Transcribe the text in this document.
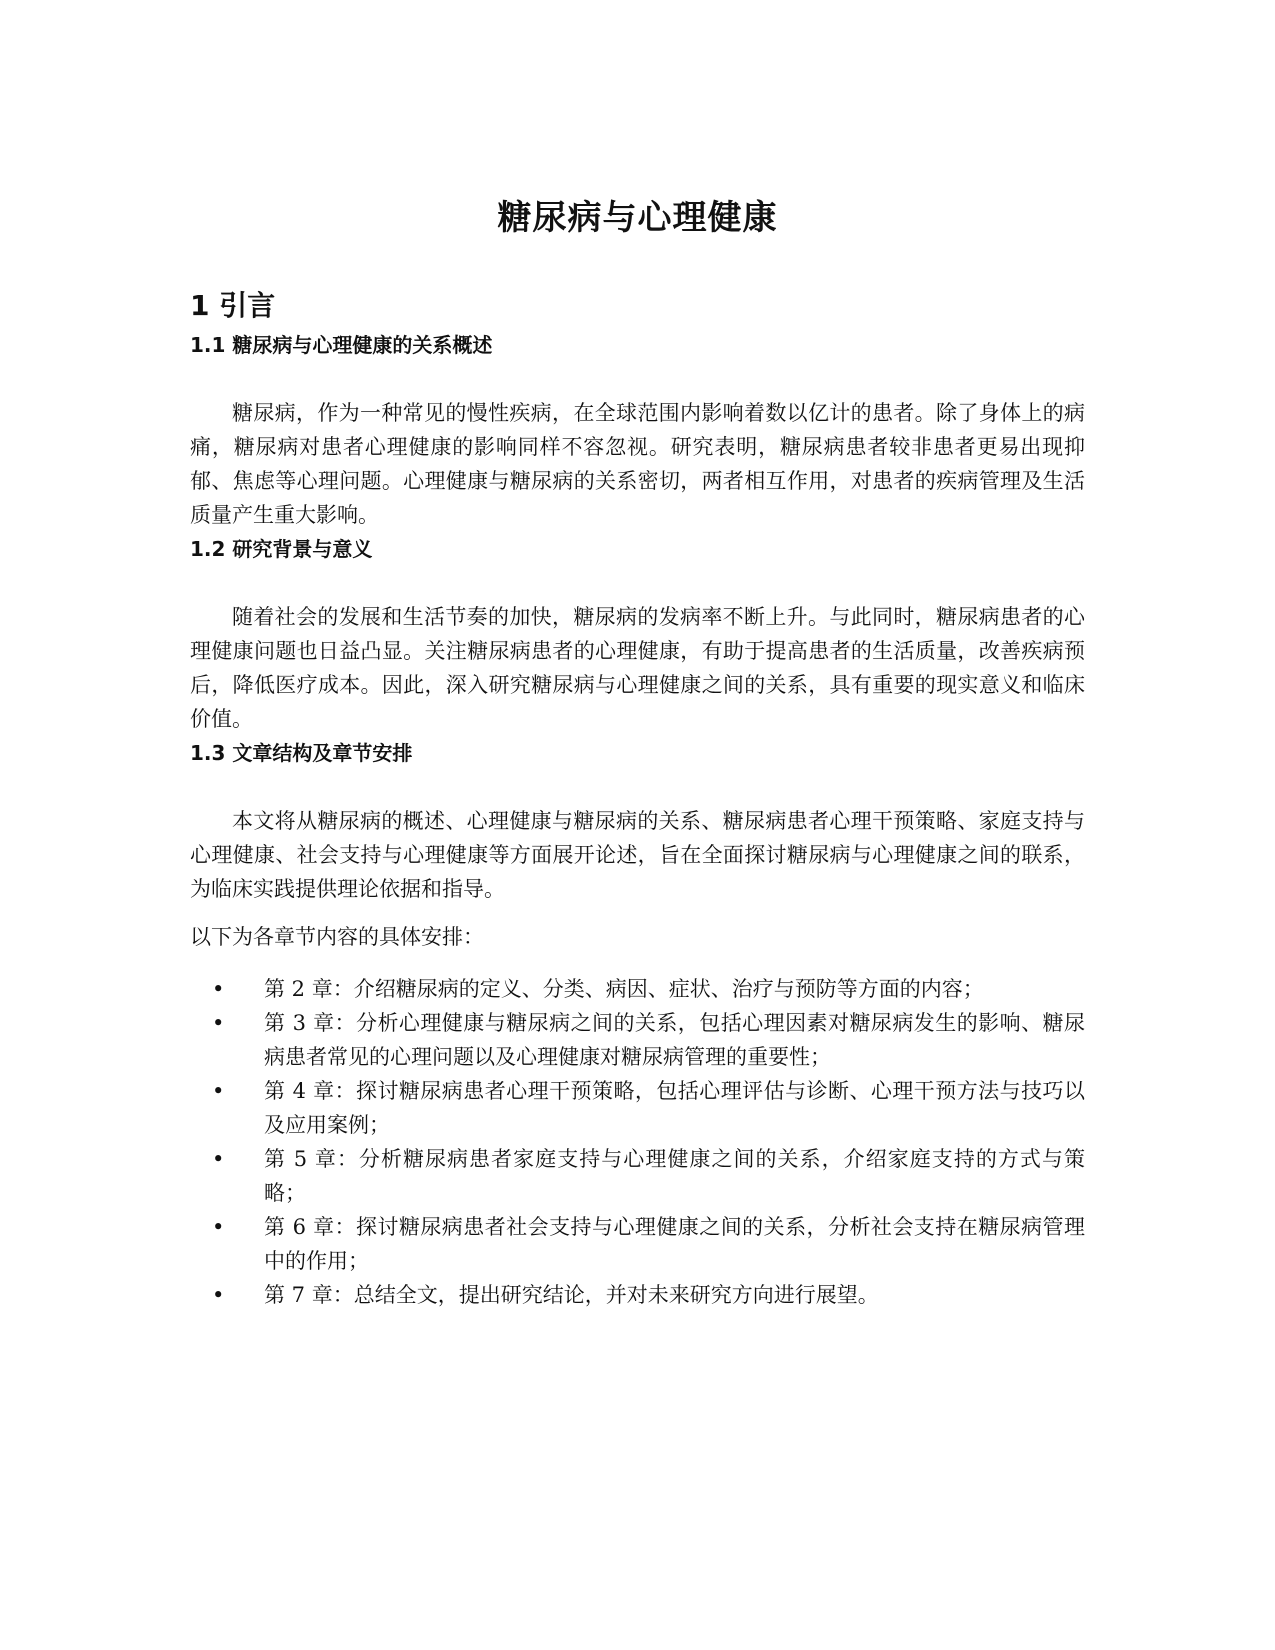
糖尿病与心理健康
1 引言
1.1 糖尿病与心理健康的关系概述

糖尿病，作为一种常见的慢性疾病，在全球范围内影响着数以亿计的患者。除了身体上的病痛，糖尿病对患者心理健康的影响同样不容忽视。研究表明，糖尿病患者较非患者更易出现抑郁、焦虑等心理问题。心理健康与糖尿病的关系密切，两者相互作用，对患者的疾病管理及生活质量产生重大影响。

1.2 研究背景与意义

随着社会的发展和生活节奏的加快，糖尿病的发病率不断上升。与此同时，糖尿病患者的心理健康问题也日益凸显。关注糖尿病患者的心理健康，有助于提高患者的生活质量，改善疾病预后，降低医疗成本。因此，深入研究糖尿病与心理健康之间的关系，具有重要的现实意义和临床价值。

1.3 文章结构及章节安排

本文将从糖尿病的概述、心理健康与糖尿病的关系、糖尿病患者心理干预策略、家庭支持与心理健康、社会支持与心理健康等方面展开论述，旨在全面探讨糖尿病与心理健康之间的联系，为临床实践提供理论依据和指导。

以下为各章节内容的具体安排：

• 第 2 章：介绍糖尿病的定义、分类、病因、症状、治疗与预防等方面的内容；
• 第 3 章：分析心理健康与糖尿病之间的关系，包括心理因素对糖尿病发生的影响、糖尿病患者常见的心理问题以及心理健康对糖尿病管理的重要性；
• 第 4 章：探讨糖尿病患者心理干预策略，包括心理评估与诊断、心理干预方法与技巧以及应用案例；
• 第 5 章：分析糖尿病患者家庭支持与心理健康之间的关系，介绍家庭支持的方式与策略；
• 第 6 章：探讨糖尿病患者社会支持与心理健康之间的关系，分析社会支持在糖尿病管理中的作用；
• 第 7 章：总结全文，提出研究结论，并对未来研究方向进行展望。
